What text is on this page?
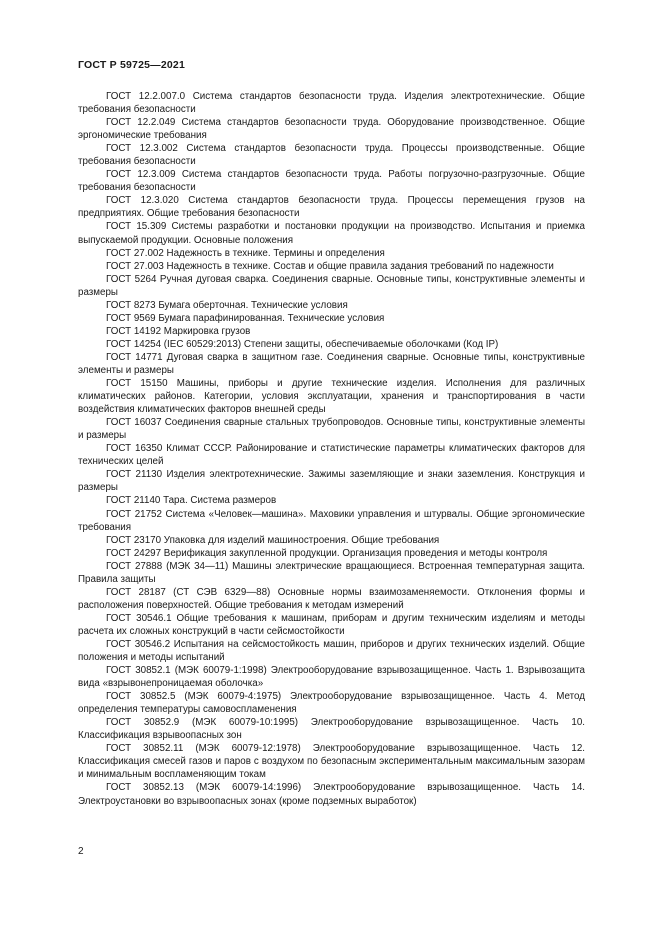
ГОСТ Р 59725—2021

ГОСТ 12.2.007.0 Система стандартов безопасности труда. Изделия электротехнические. Общие требования безопасности

ГОСТ 12.2.049 Система стандартов безопасности труда. Оборудование производственное. Общие эргономические требования

ГОСТ 12.3.002 Система стандартов безопасности труда. Процессы производственные. Общие требования безопасности

ГОСТ 12.3.009 Система стандартов безопасности труда. Работы погрузочно-разгрузочные. Общие требования безопасности

ГОСТ 12.3.020 Система стандартов безопасности труда. Процессы перемещения грузов на предприятиях. Общие требования безопасности

ГОСТ 15.309 Системы разработки и постановки продукции на производство. Испытания и приемка выпускаемой продукции. Основные положения

ГОСТ 27.002 Надежность в технике. Термины и определения

ГОСТ 27.003 Надежность в технике. Состав и общие правила задания требований по надежности

ГОСТ 5264 Ручная дуговая сварка. Соединения сварные. Основные типы, конструктивные элементы и размеры

ГОСТ 8273 Бумага оберточная. Технические условия

ГОСТ 9569 Бумага парафинированная. Технические условия

ГОСТ 14192 Маркировка грузов

ГОСТ 14254 (IEC 60529:2013) Степени защиты, обеспечиваемые оболочками (Код IP)

ГОСТ 14771 Дуговая сварка в защитном газе. Соединения сварные. Основные типы, конструктивные элементы и размеры

ГОСТ 15150 Машины, приборы и другие технические изделия. Исполнения для различных климатических районов. Категории, условия эксплуатации, хранения и транспортирования в части воздействия климатических факторов внешней среды

ГОСТ 16037 Соединения сварные стальных трубопроводов. Основные типы, конструктивные элементы и размеры

ГОСТ 16350 Климат СССР. Районирование и статистические параметры климатических факторов для технических целей

ГОСТ 21130 Изделия электротехнические. Зажимы заземляющие и знаки заземления. Конструкция и размеры

ГОСТ 21140 Тара. Система размеров

ГОСТ 21752 Система «Человек—машина». Маховики управления и штурвалы. Общие эргономические требования

ГОСТ 23170 Упаковка для изделий машиностроения. Общие требования

ГОСТ 24297 Верификация закупленной продукции. Организация проведения и методы контроля

ГОСТ 27888 (МЭК 34—11) Машины электрические вращающиеся. Встроенная температурная защита. Правила защиты

ГОСТ 28187 (СТ СЭВ 6329—88) Основные нормы взаимозаменяемости. Отклонения формы и расположения поверхностей. Общие требования к методам измерений

ГОСТ 30546.1 Общие требования к машинам, приборам и другим техническим изделиям и методы расчета их сложных конструкций в части сейсмостойкости

ГОСТ 30546.2 Испытания на сейсмостойкость машин, приборов и других технических изделий. Общие положения и методы испытаний

ГОСТ 30852.1 (МЭК 60079-1:1998) Электрооборудование взрывозащищенное. Часть 1. Взрывозащита вида «взрывонепроницаемая оболочка»

ГОСТ 30852.5 (МЭК 60079-4:1975) Электрооборудование взрывозащищенное. Часть 4. Метод определения температуры самовоспламенения

ГОСТ 30852.9 (МЭК 60079-10:1995) Электрооборудование взрывозащищенное. Часть 10. Классификация взрывоопасных зон

ГОСТ 30852.11 (МЭК 60079-12:1978) Электрооборудование взрывозащищенное. Часть 12. Классификация смесей газов и паров с воздухом по безопасным экспериментальным максимальным зазорам и минимальным воспламеняющим токам

ГОСТ 30852.13 (МЭК 60079-14:1996) Электрооборудование взрывозащищенное. Часть 14. Электроустановки во взрывоопасных зонах (кроме подземных выработок)

2
